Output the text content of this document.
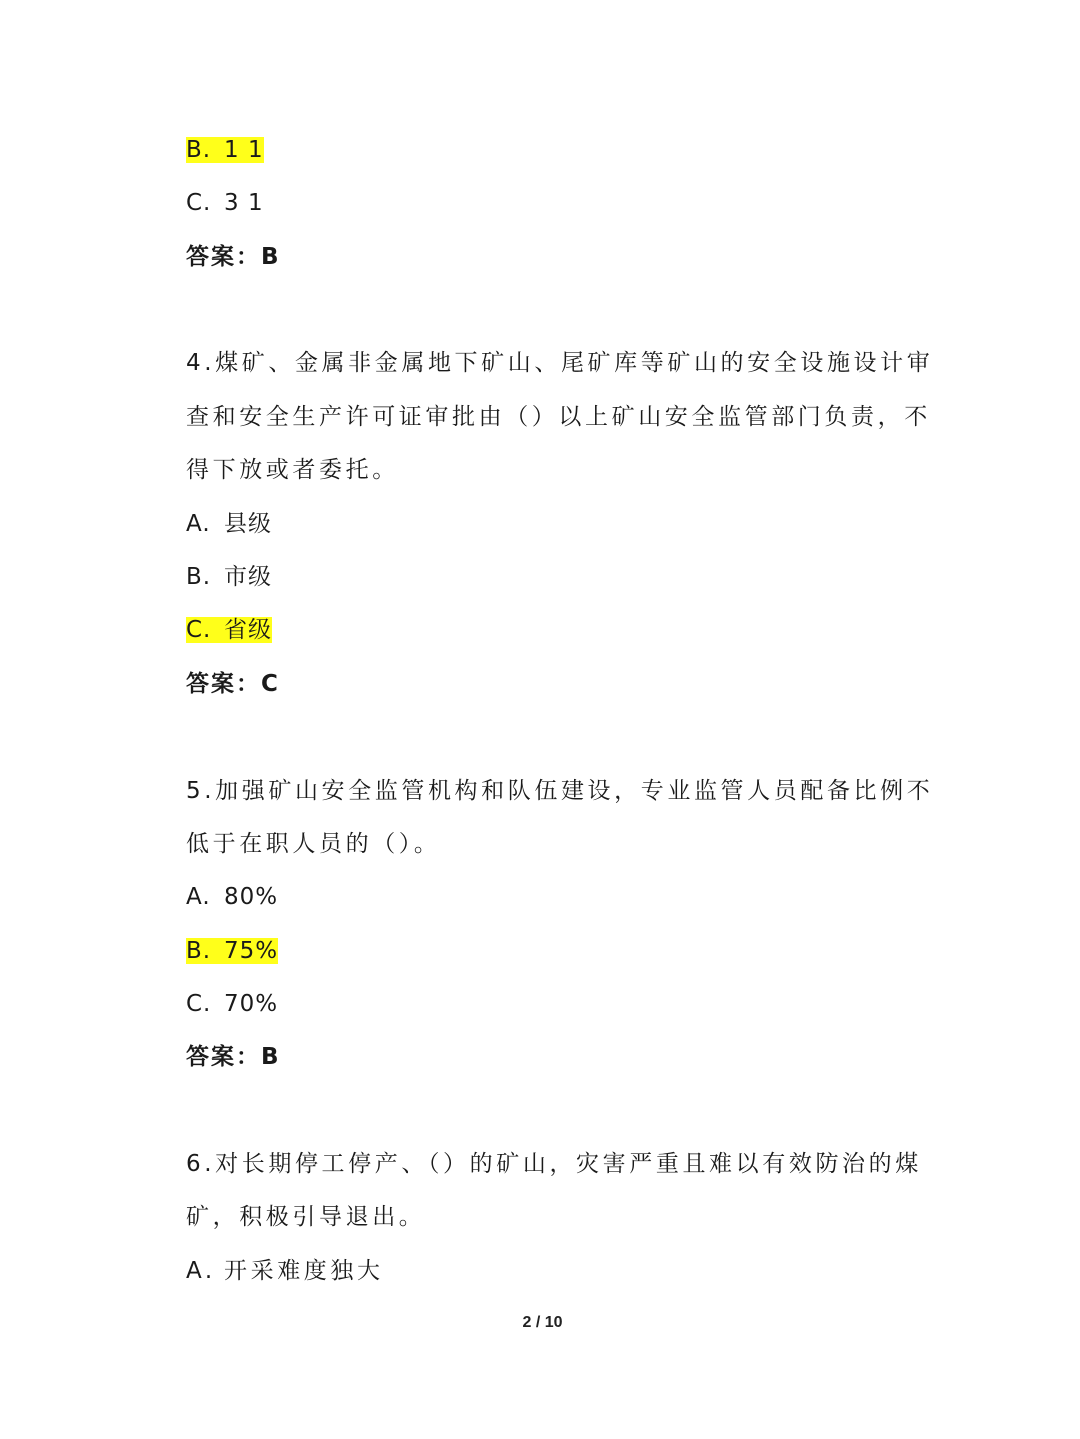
B. 1 1
C. 3 1
答案：B
4.煤矿、金属非金属地下矿山、尾矿库等矿山的安全设施设计审
查和安全生产许可证审批由（）以上矿山安全监管部门负责，不
得下放或者委托。
A. 县级
B. 市级
C. 省级
答案：C
5.加强矿山安全监管机构和队伍建设，专业监管人员配备比例不
低于在职人员的（）。
A. 80%
B. 75%
C. 70%
答案：B
6.对长期停工停产、（）的矿山，灾害严重且难以有效防治的煤
矿，积极引导退出。
A. 开采难度独大
2 / 10
